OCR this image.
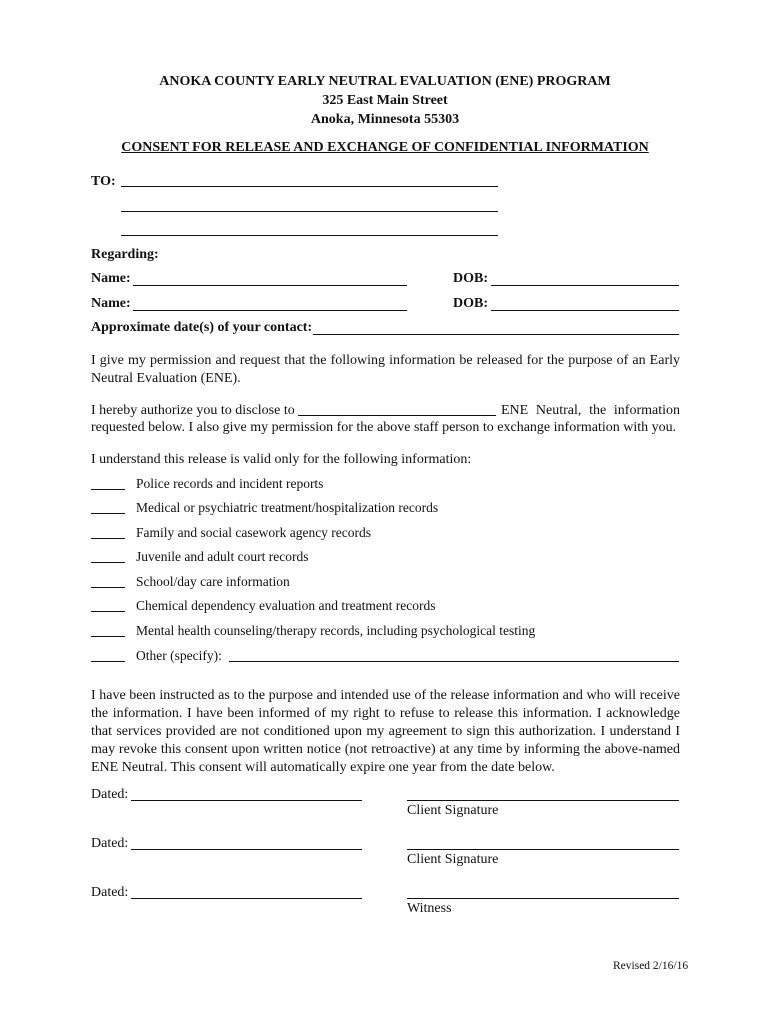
ANOKA COUNTY EARLY NEUTRAL EVALUATION (ENE) PROGRAM
325 East Main Street
Anoka, Minnesota 55303
CONSENT FOR RELEASE AND EXCHANGE OF CONFIDENTIAL INFORMATION
TO:
Regarding:
Name:	DOB:
Name:	DOB:
Approximate date(s) of your contact:
I give my permission and request that the following information be released for the purpose of an Early Neutral Evaluation (ENE).
I hereby authorize you to disclose to	ENE Neutral, the information
requested below. I also give my permission for the above staff person to exchange information with you.
I understand this release is valid only for the following information:
Police records and incident reports
Medical or psychiatric treatment/hospitalization records
Family and social casework agency records
Juvenile and adult court records
School/day care information
Chemical dependency evaluation and treatment records
Mental health counseling/therapy records, including psychological testing
Other (specify):
I have been instructed as to the purpose and intended use of the release information and who will receive the information. I have been informed of my right to refuse to release this information. I acknowledge that services provided are not conditioned upon my agreement to sign this authorization. I understand I may revoke this consent upon written notice (not retroactive) at any time by informing the above-named ENE Neutral. This consent will automatically expire one year from the date below.
Dated:
Client Signature
Dated:
Client Signature
Dated:
Witness
Revised 2/16/16
